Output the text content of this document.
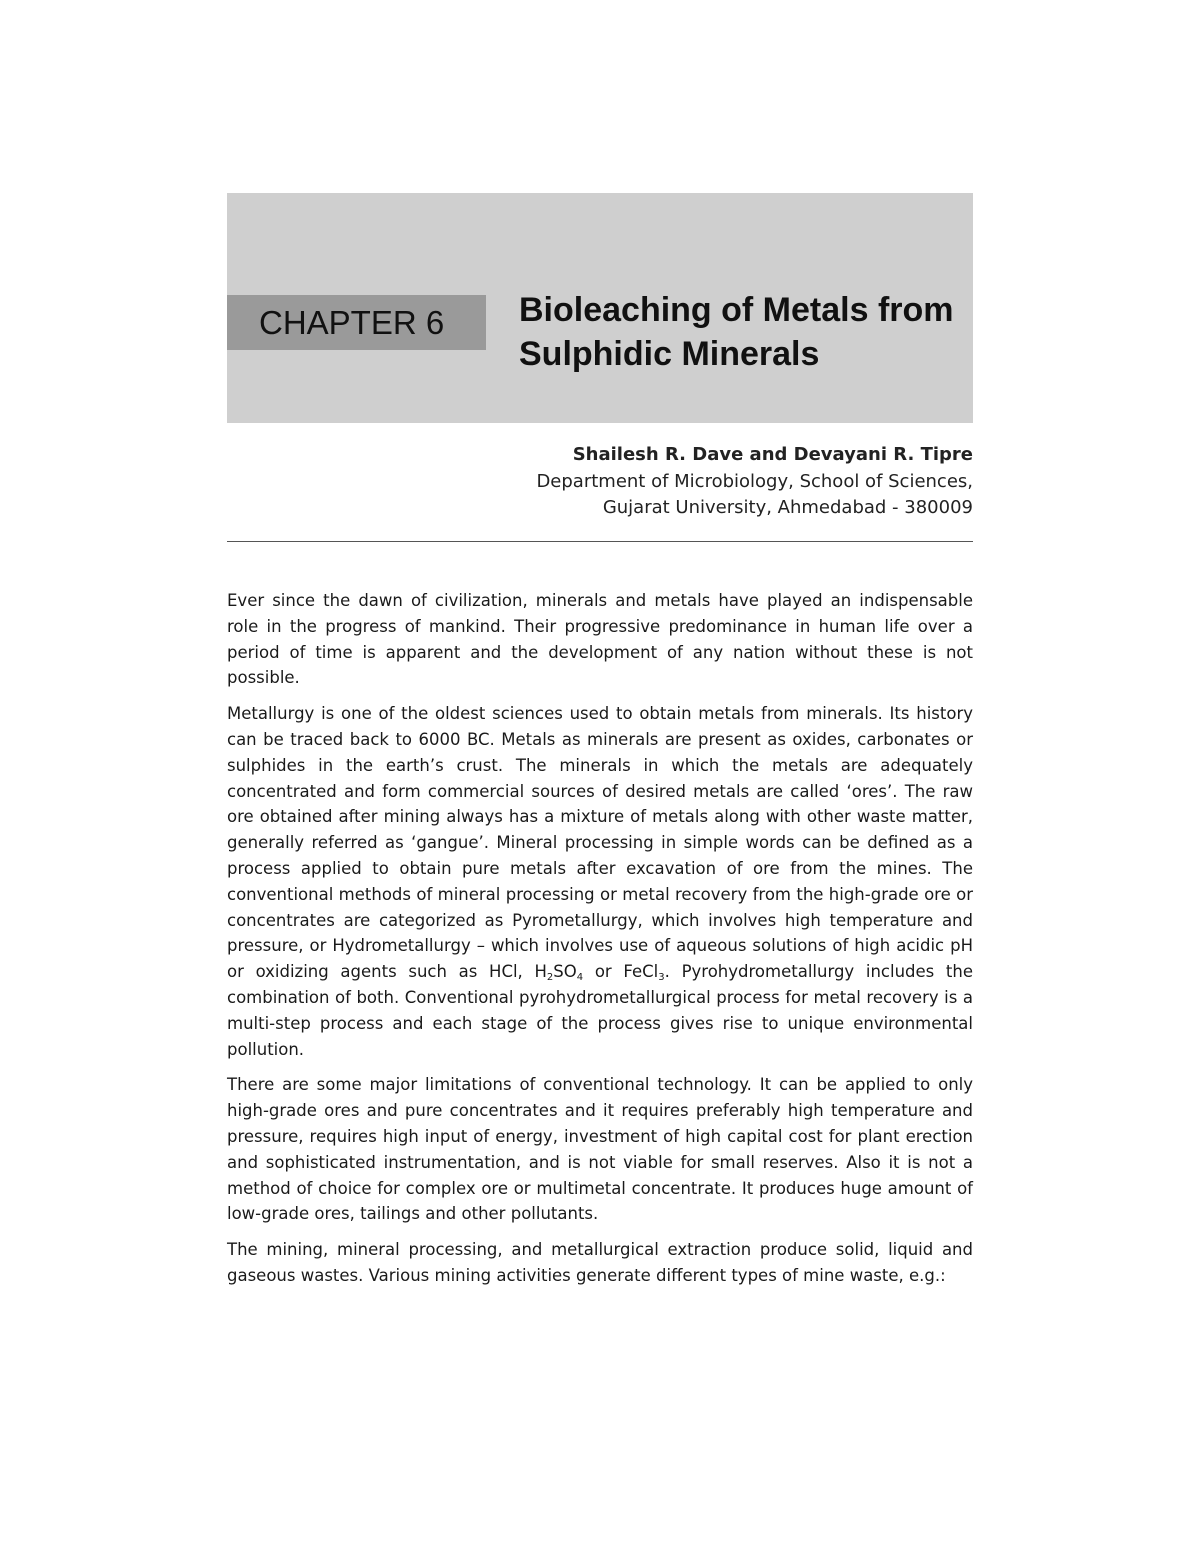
CHAPTER 6	Bioleaching of Metals from
Sulphidic Minerals
Shailesh R. Dave and Devayani R. Tipre
Department of Microbiology, School of Sciences,
Gujarat University, Ahmedabad - 380009

Ever since the dawn of civilization, minerals and metals have played an indispensable role in the progress of mankind. Their progressive predominance in human life over a period of time is apparent and the development of any nation without these is not possible.

Metallurgy is one of the oldest sciences used to obtain metals from minerals. Its history can be traced back to 6000 BC. Metals as minerals are present as oxides, carbonates or sulphides in the earth’s crust. The minerals in which the metals are adequately concentrated and form commercial sources of desired metals are called ‘ores’. The raw ore obtained after mining always has a mixture of metals along with other waste matter, generally referred as ‘gangue’. Mineral processing in simple words can be defined as a process applied to obtain pure metals after excavation of ore from the mines. The conventional methods of mineral processing or metal recovery from the high-grade ore or concentrates are categorized as Pyrometallurgy, which involves high temperature and pressure, or Hydrometallurgy – which involves use of aqueous solutions of high acidic pH or oxidizing agents such as HCl, $H_2SO_4$ or FeCl$_3$. Pyrohydrometallurgy includes the combination of both. Conventional pyrohydrometallurgical process for metal recovery is a multi-step process and each stage of the process gives rise to unique environmental pollution.

There are some major limitations of conventional technology. It can be applied to only high-grade ores and pure concentrates and it requires preferably high temperature and pressure, requires high input of energy, investment of high capital cost for plant erection and sophisticated instrumentation, and is not viable for small reserves. Also it is not a method of choice for complex ore or multimetal concentrate. It produces huge amount of low-grade ores, tailings and other pollutants.

The mining, mineral processing, and metallurgical extraction produce solid, liquid and gaseous wastes. Various mining activities generate different types of mine waste, e.g.:
